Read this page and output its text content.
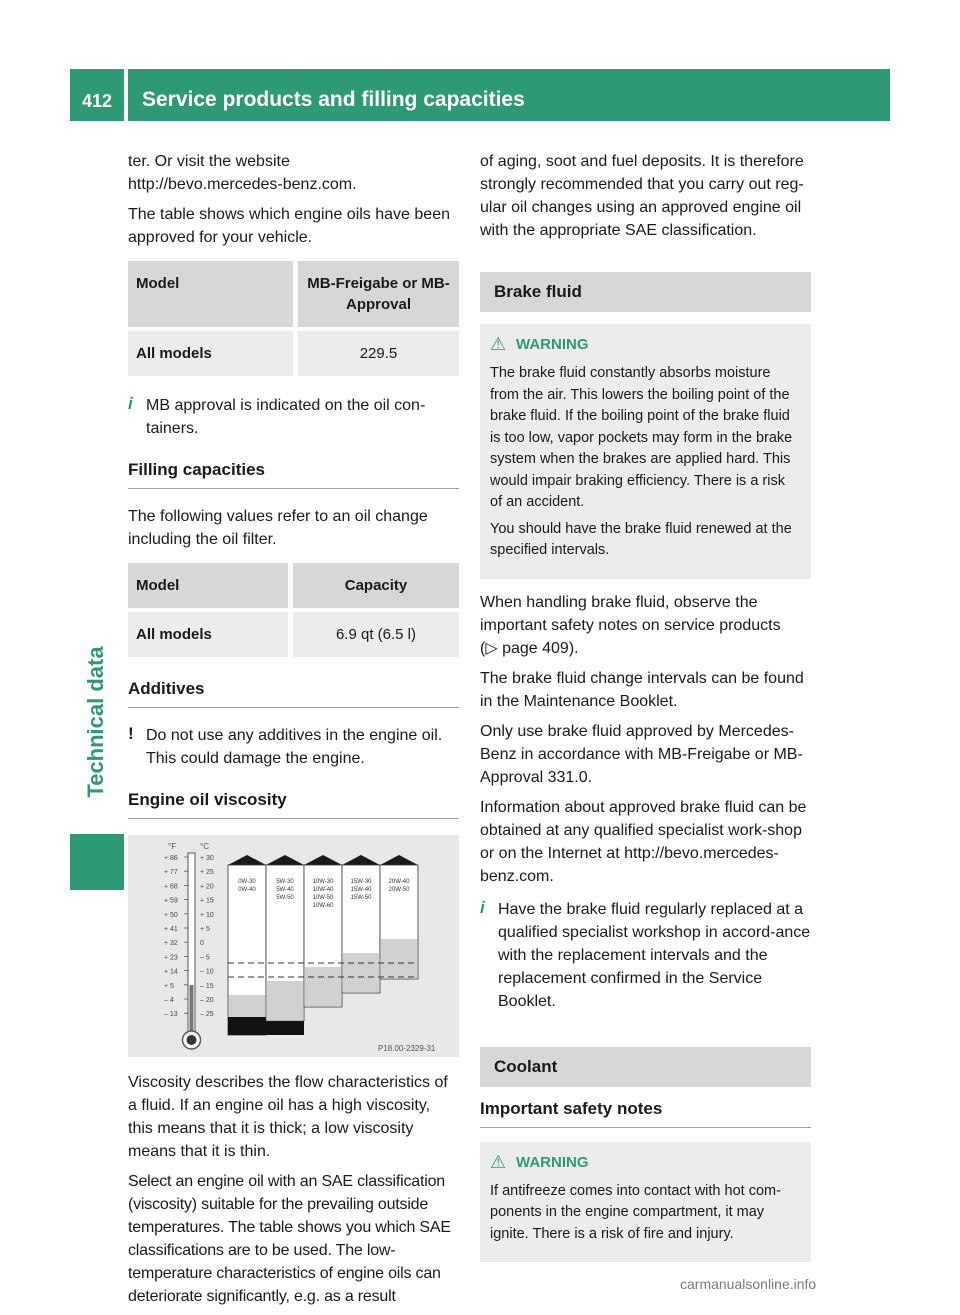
412 Service products and filling capacities
Technical data

ter. Or visit the website

http://bevo.mercedes-benz.com.

The table shows which engine oils have been approved for your vehicle.

Model	MB-Freigabe or MB-Approval
All models	229.5
i MB approval is indicated on the oil con-tainers.
Filling capacities

The following values refer to an oil change including the oil filter.

Model	Capacity
All models	6.9 qt (6.5 l)
Additives
! Do not use any additives in the engine oil. This could damage the engine.
Engine oil viscosity
°F	°C
+ 86
+ 77
+ 68
+ 59
+ 50
+ 41
+ 32
+ 23
+ 14
+ 5
– 4
– 13
+ 30
+ 25
+ 20
+ 15
+ 10
+ 5
0
– 5
– 10
– 15
– 20
– 25
0W-30
0W-40
5W-30
5W-40
5W-50
10W-30
10W-40
10W-50
10W-60
15W-30
15W-40
15W-50
20W-40
20W-50
P18.00-2329-31

Viscosity describes the flow characteristics of a fluid. If an engine oil has a high viscosity, this means that it is thick; a low viscosity means that it is thin.

Select an engine oil with an SAE classification (viscosity) suitable for the prevailing outside temperatures. The table shows you which SAE classifications are to be used. The low-temperature characteristics of engine oils can deteriorate significantly, e.g. as a result

of aging, soot and fuel deposits. It is therefore strongly recommended that you carry out reg-ular oil changes using an approved engine oil with the appropriate SAE classification.

Brake fluid
⚠ WARNING

The brake fluid constantly absorbs moisture from the air. This lowers the boiling point of the brake fluid. If the boiling point of the brake fluid is too low, vapor pockets may form in the brake system when the brakes are applied hard. This would impair braking efficiency. There is a risk of an accident.

You should have the brake fluid renewed at the specified intervals.

When handling brake fluid, observe the important safety notes on service products
(▷ page 409).

The brake fluid change intervals can be found in the Maintenance Booklet.

Only use brake fluid approved by Mercedes-Benz in accordance with MB-Freigabe or MB-Approval 331.0.

Information about approved brake fluid can be obtained at any qualified specialist work-shop or on the Internet at http://bevo.mercedes-benz.com.

i Have the brake fluid regularly replaced at a qualified specialist workshop in accord-ance with the replacement intervals and the replacement confirmed in the Service Booklet.
Coolant
Important safety notes
⚠ WARNING

If antifreeze comes into contact with hot com-ponents in the engine compartment, it may ignite. There is a risk of fire and injury.

carmanualsonline.info
